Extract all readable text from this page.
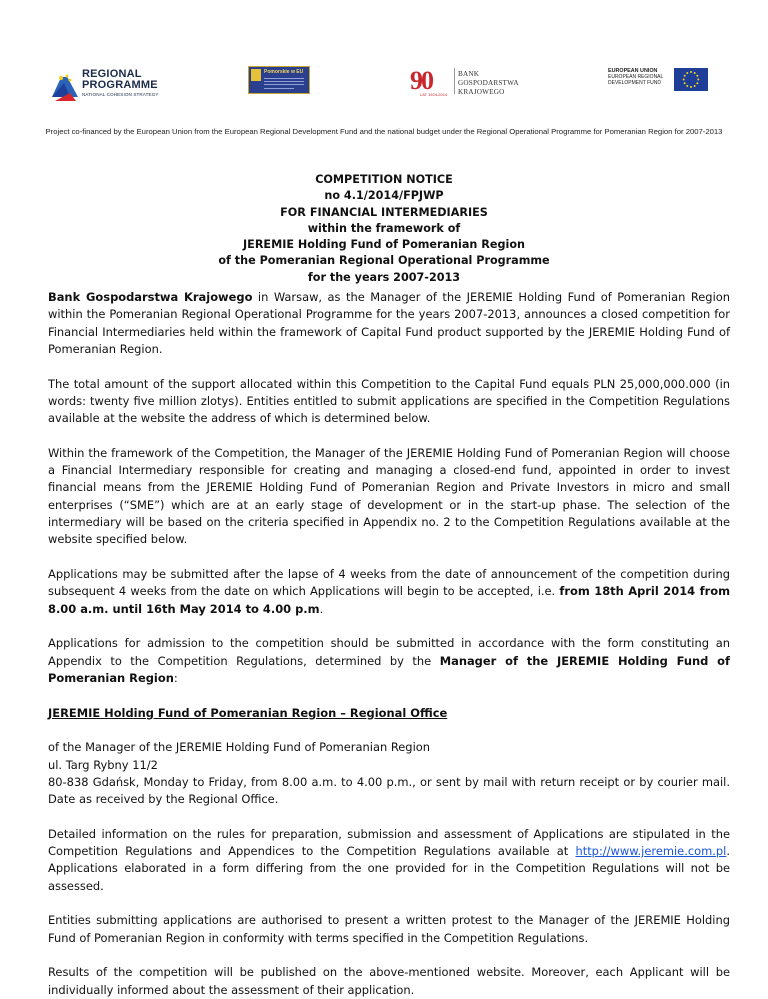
REGIONAL
PROGRAMME
NATIONAL COHESION STRATEGY
Pomorskie w EU	90
LAT 1924-2014
BANK
GOSPODARSTWA
KRAJOWEGO
EUROPEAN UNION
EUROPEAN REGIONAL
DEVELOPMENT FUND
Project co-financed by the European Union from the European Regional Development Fund and the national budget under the Regional Operational Programme for Pomeranian Region for 2007-2013
COMPETITION NOTICE
no 4.1/2014/FPJWP
FOR FINANCIAL INTERMEDIARIES
within the framework of
JEREMIE Holding Fund of Pomeranian Region
of the Pomeranian Regional Operational Programme
for the years 2007-2013

Bank Gospodarstwa Krajowego in Warsaw, as the Manager of the JEREMIE Holding Fund of Pomeranian Region within the Pomeranian Regional Operational Programme for the years 2007-2013, announces a closed competition for Financial Intermediaries held within the framework of Capital Fund product supported by the JEREMIE Holding Fund of Pomeranian Region.

The total amount of the support allocated within this Competition to the Capital Fund equals PLN 25,000,000.000 (in words: twenty five million zlotys). Entities entitled to submit applications are specified in the Competition Regulations available at the website the address of which is determined below.

Within the framework of the Competition, the Manager of the JEREMIE Holding Fund of Pomeranian Region will choose a Financial Intermediary responsible for creating and managing a closed-end fund, appointed in order to invest financial means from the JEREMIE Holding Fund of Pomeranian Region and Private Investors in micro and small enterprises (“SME”) which are at an early stage of development or in the start-up phase. The selection of the intermediary will be based on the criteria specified in Appendix no. 2 to the Competition Regulations available at the website specified below.

Applications may be submitted after the lapse of 4 weeks from the date of announcement of the competition during subsequent 4 weeks from the date on which Applications will begin to be accepted, i.e. from 18th April 2014 from 8.00 a.m. until 16th May 2014 to 4.00 p.m.

Applications for admission to the competition should be submitted in accordance with the form constituting an Appendix to the Competition Regulations, determined by the Manager of the JEREMIE Holding Fund of Pomeranian Region:

JEREMIE Holding Fund of Pomeranian Region – Regional Office

of the Manager of the JEREMIE Holding Fund of Pomeranian Region
ul. Targ Rybny 11/2
80-838 Gdańsk, Monday to Friday, from 8.00 a.m. to 4.00 p.m., or sent by mail with return receipt or by courier mail. Date as received by the Regional Office.

Detailed information on the rules for preparation, submission and assessment of Applications are stipulated in the Competition Regulations and Appendices to the Competition Regulations available at http://www.jeremie.com.pl. Applications elaborated in a form differing from the one provided for in the Competition Regulations will not be assessed.

Entities submitting applications are authorised to present a written protest to the Manager of the JEREMIE Holding Fund of Pomeranian Region in conformity with terms specified in the Competition Regulations.

Results of the competition will be published on the above-mentioned website. Moreover, each Applicant will be individually informed about the assessment of their application.
